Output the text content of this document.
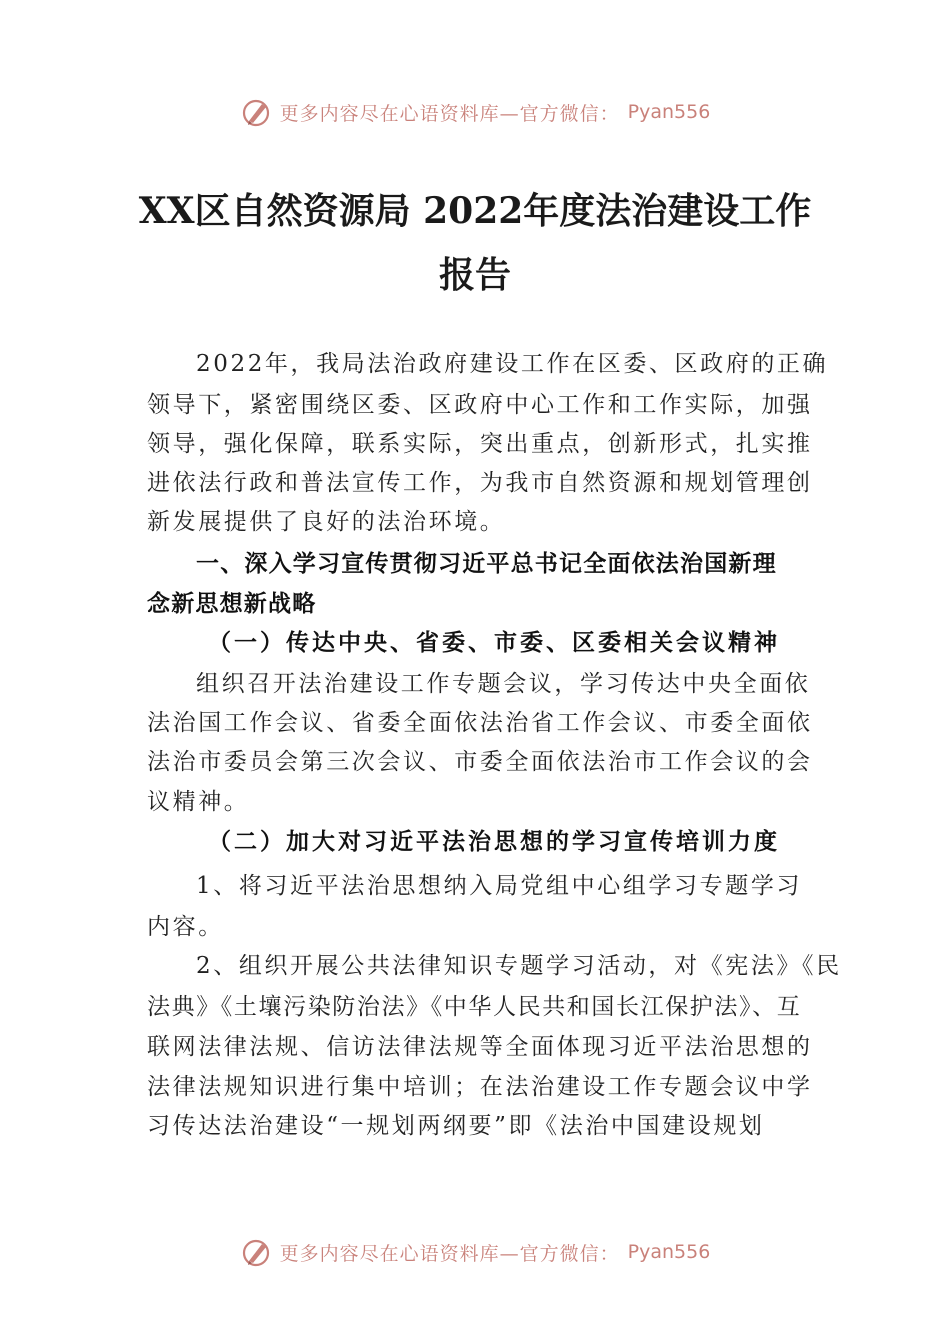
更多内容尽在心语资料库—官方微信： Pyan556
XX区自然资源局 2022年度法治建设工作
报告
2022年，我局法治政府建设工作在区委、区政府的正确
领导下，紧密围绕区委、区政府中心工作和工作实际，加强
领导，强化保障，联系实际，突出重点，创新形式，扎实推
进依法行政和普法宣传工作，为我市自然资源和规划管理创
新发展提供了良好的法治环境。
一、深入学习宣传贯彻习近平总书记全面依法治国新理
念新思想新战略
（一）传达中央、省委、市委、区委相关会议精神
组织召开法治建设工作专题会议，学习传达中央全面依
法治国工作会议、省委全面依法治省工作会议、市委全面依
法治市委员会第三次会议、市委全面依法治市工作会议的会
议精神。
（二）加大对习近平法治思想的学习宣传培训力度
1、将习近平法治思想纳入局党组中心组学习专题学习
内容。
2、组织开展公共法律知识专题学习活动，对《宪法》《民
法典》《土壤污染防治法》《中华人民共和国长江保护法》、互
联网法律法规、信访法律法规等全面体现习近平法治思想的
法律法规知识进行集中培训；在法治建设工作专题会议中学
习传达法治建设“一规划两纲要”即《法治中国建设规划
更多内容尽在心语资料库—官方微信： Pyan556
